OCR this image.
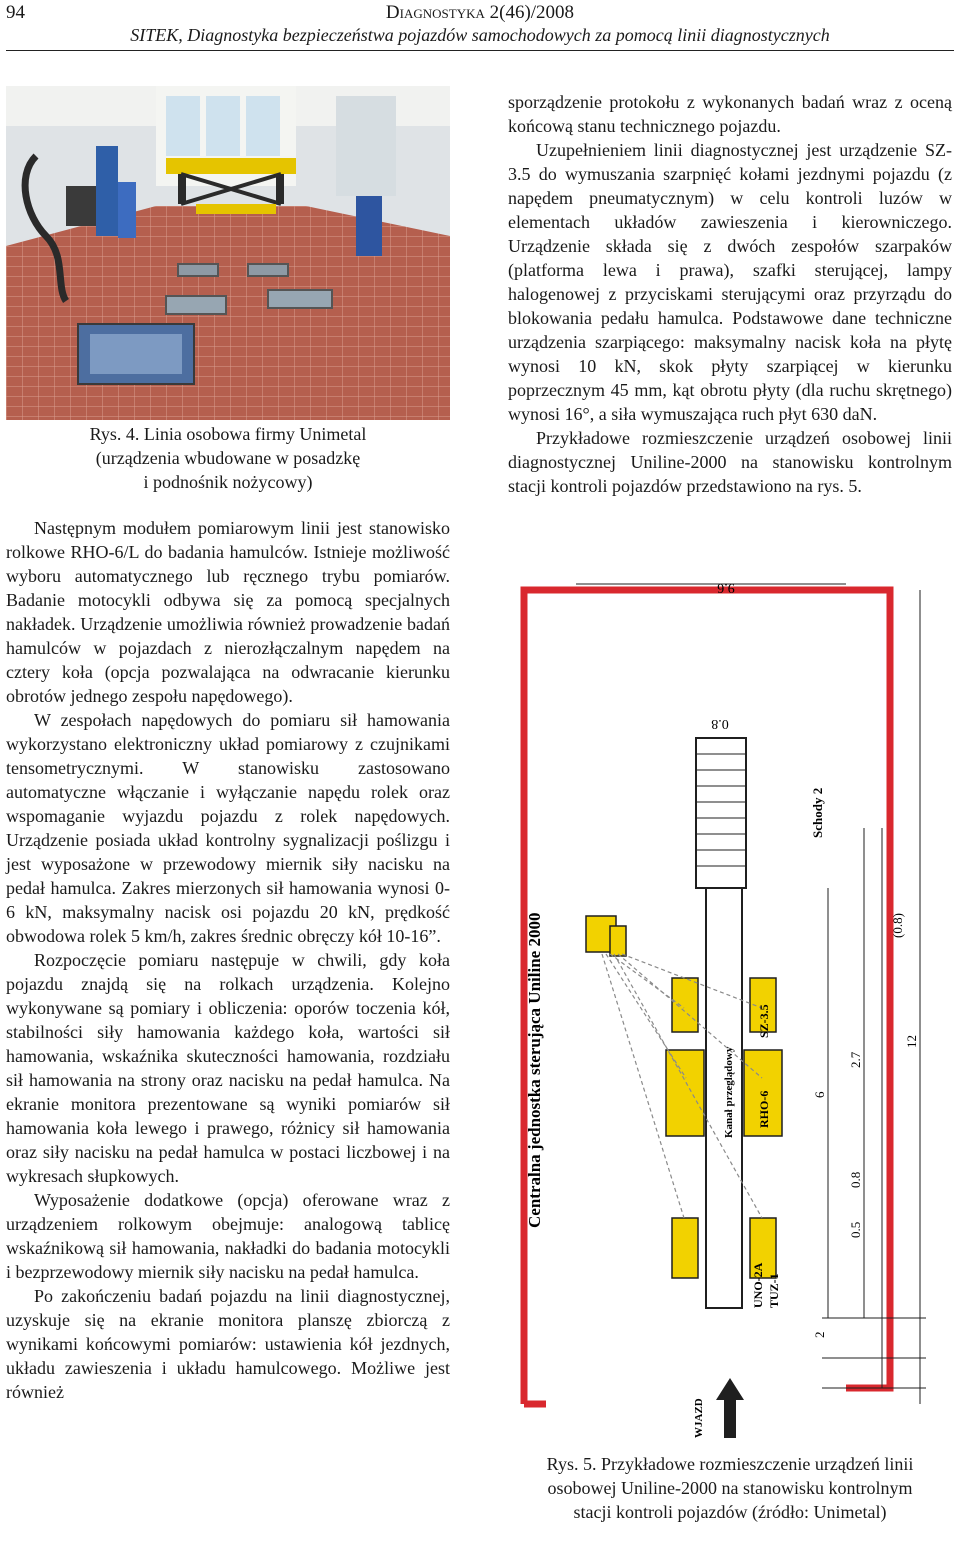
94	Diagnostyka 2(46)/2008
SITEK, Diagnostyka bezpieczeństwa pojazdów samochodowych za pomocą linii diagnostycznych
Rys. 4. Linia osobowa firmy Unimetal
(urządzenia wbudowane w posadzkę
i podnośnik nożycowy)

Następnym modułem pomiarowym linii jest stanowisko rolkowe RHO-6/L do badania hamulców. Istnieje możliwość wyboru automatycznego lub ręcznego trybu pomiarów. Badanie motocykli odbywa się za pomocą specjalnych nakładek. Urządzenie umożliwia również prowadzenie badań hamulców w pojazdach z nierozłączalnym napędem na cztery koła (opcja pozwalająca na odwracanie kierunku obrotów jednego zespołu napędowego).

W zespołach napędowych do pomiaru sił hamowania wykorzystano elektroniczny układ pomiarowy z czujnikami tensometrycznymi. W stanowisku zastosowano automatyczne włączanie i wyłączanie napędu rolek oraz wspomaganie wyjazdu pojazdu z rolek napędowych. Urządzenie posiada układ kontrolny sygnalizacji poślizgu i jest wyposażone w przewodowy miernik siły nacisku na pedał hamulca. Zakres mierzonych sił hamowania wynosi 0-6 kN, maksymalny nacisk osi pojazdu 20 kN, prędkość obwodowa rolek 5 km/h, zakres średnic obręczy kół 10-16”.

Rozpoczęcie pomiaru następuje w chwili, gdy koła pojazdu znajdą się na rolkach urządzenia. Kolejno wykonywane są pomiary i obliczenia: oporów toczenia kół, stabilności siły hamowania każdego koła, wartości sił hamowania, wskaźnika skuteczności hamowania, rozdziału sił hamowania na strony oraz nacisku na pedał hamulca. Na ekranie monitora prezentowane są wyniki pomiarów sił hamowania koła lewego i prawego, różnicy sił hamowania oraz siły nacisku na pedał hamulca w postaci liczbowej i na wykresach słupkowych.

Wyposażenie dodatkowe (opcja) oferowane wraz z urządzeniem rolkowym obejmuje: analogową tablicę wskaźnikową sił hamowania, nakładki do badania motocykli i bezprzewodowy miernik siły nacisku na pedał hamulca.

Po zakończeniu badań pojazdu na linii diagnostycznej, uzyskuje się na ekranie monitora planszę zbiorczą z wynikami końcowymi pomiarów: ustawienia kół jezdnych, układu zawieszenia i układu hamulcowego. Możliwe jest również

sporządzenie protokołu z wykonanych badań wraz z oceną końcową stanu technicznego pojazdu.

Uzupełnieniem linii diagnostycznej jest urządzenie SZ-3.5 do wymuszania szarpnięć kołami jezdnymi pojazdu (z napędem pneumatycznym) w celu kontroli luzów w elementach układów zawieszenia i kierowniczego. Urządzenie składa się z dwóch zespołów szarpaków (platforma lewa i prawa), szafki sterującej, lampy halogenowej z przyciskami sterującymi oraz przyrządu do blokowania pedału hamulca. Podstawowe dane techniczne urządzenia szarpiącego: maksymalny nacisk koła na płytę wynosi 10 kN, skok płyty szarpiącej w kierunku poprzecznym 45 mm, kąt obrotu płyty (dla ruchu skrętnego) wynosi 16°, a siła wymuszająca ruch płyt 630 daN.

Przykładowe rozmieszczenie urządzeń osobowej linii diagnostycznej Uniline-2000 na stanowisku kontrolnym stacji kontroli pojazdów przedstawiono na rys. 5.

9.6
0.8
Schody 2
(0.8)
Centralna jednostka sterująca Uniline 2000	Kanał przeglądowy
SZ-3.5
RHO-6
UNO-2A TUZ-1
6
2
2.7
12
0.8
0.5
WJAZD
Rys. 5. Przykładowe rozmieszczenie urządzeń linii
osobowej Uniline-2000 na stanowisku kontrolnym
stacji kontroli pojazdów (źródło: Unimetal)
